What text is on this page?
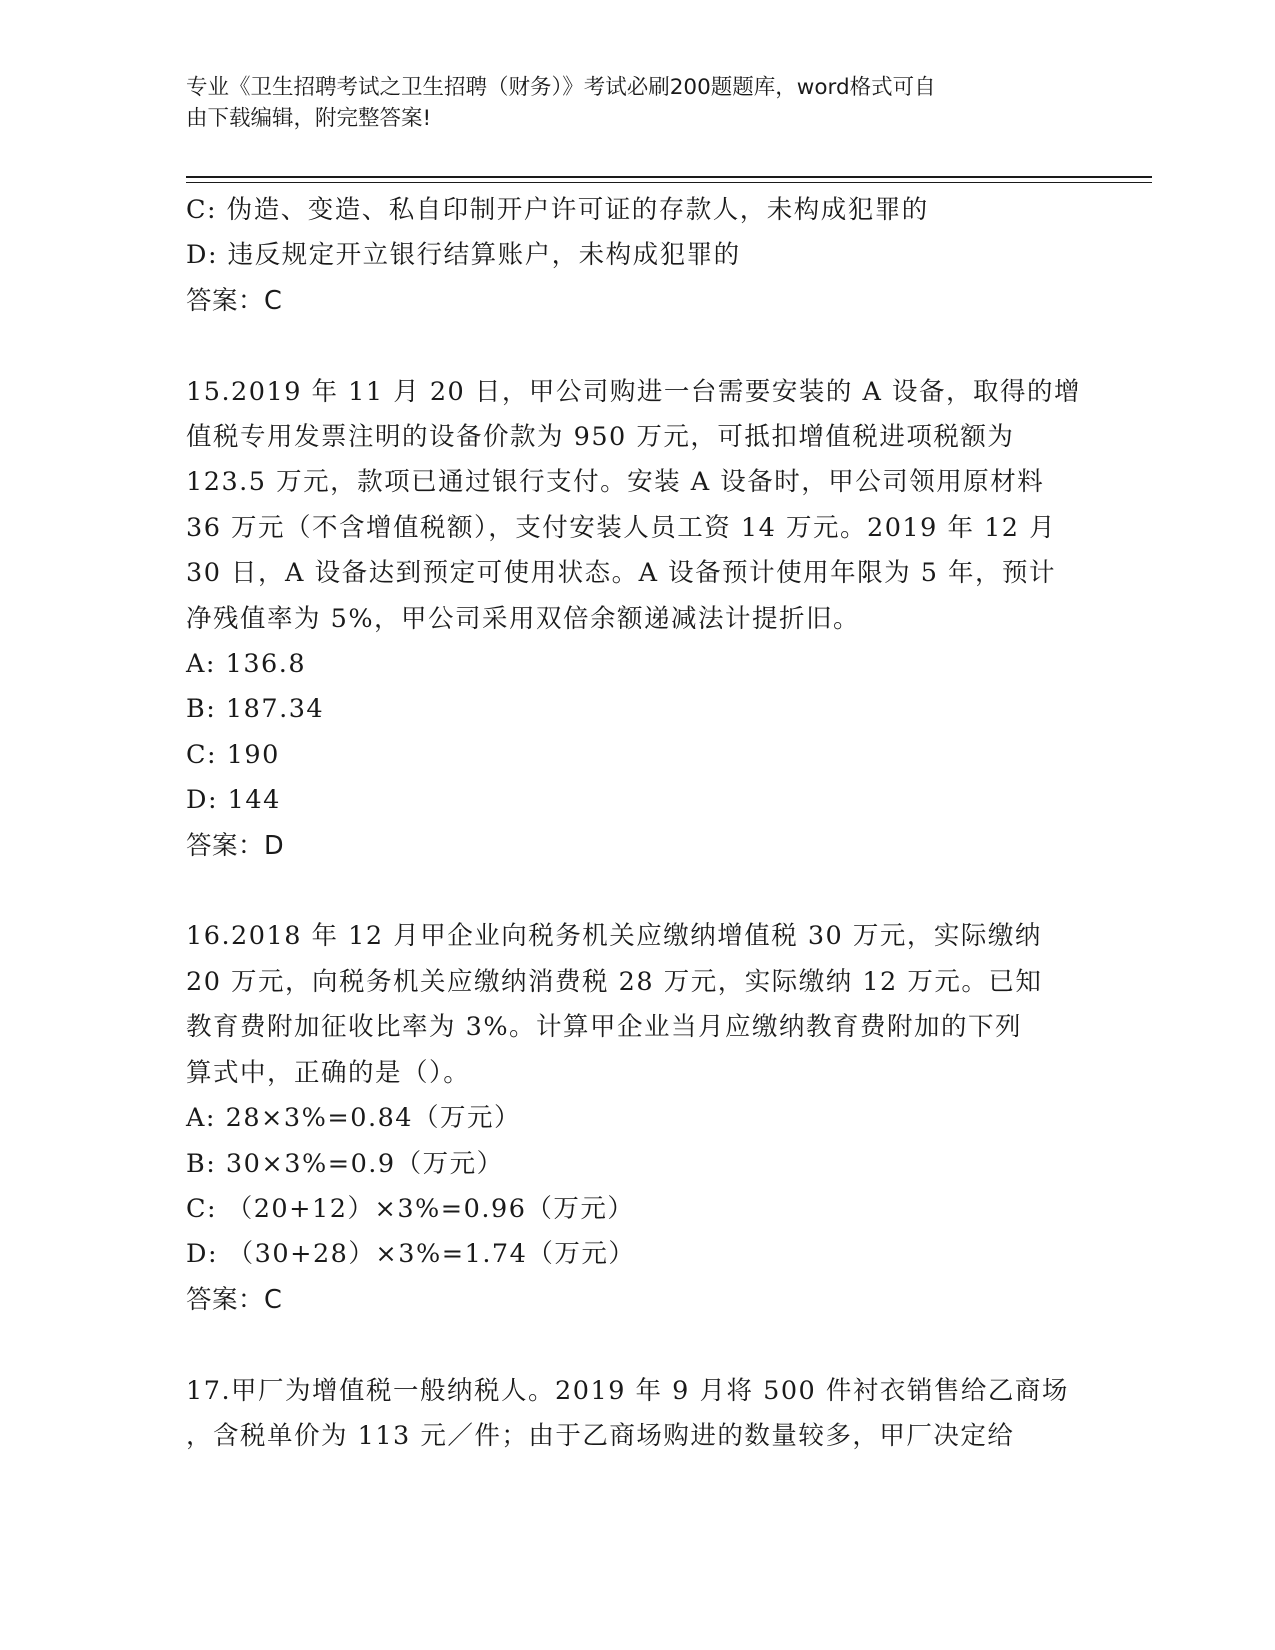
专业《卫生招聘考试之卫生招聘（财务）》考试必刷200题题库，word格式可自
由下载编辑，附完整答案!
C: 伪造、变造、私自印制开户许可证的存款人，未构成犯罪的
D: 违反规定开立银行结算账户，未构成犯罪的
答案：C
15.2019 年 11 月 20 日，甲公司购进一台需要安装的 A 设备，取得的增
值税专用发票注明的设备价款为 950 万元，可抵扣增值税进项税额为
123.5 万元，款项已通过银行支付。安装 A 设备时，甲公司领用原材料
36 万元（不含增值税额），支付安装人员工资 14 万元。2019 年 12 月
30 日，A 设备达到预定可使用状态。A 设备预计使用年限为 5 年，预计
净残值率为 5%，甲公司采用双倍余额递减法计提折旧。
A: 136.8
B: 187.34
C: 190
D: 144
答案：D
16.2018 年 12 月甲企业向税务机关应缴纳增值税 30 万元，实际缴纳
20 万元，向税务机关应缴纳消费税 28 万元，实际缴纳 12 万元。已知
教育费附加征收比率为 3%。计算甲企业当月应缴纳教育费附加的下列
算式中，正确的是（）。
A: 28×3%=0.84（万元）
B: 30×3%=0.9（万元）
C: （20+12）×3%=0.96（万元）
D: （30+28）×3%=1.74（万元）
答案：C
17.甲厂为增值税一般纳税人。2019 年 9 月将 500 件衬衣销售给乙商场
，含税单价为 113 元／件；由于乙商场购进的数量较多，甲厂决定给
